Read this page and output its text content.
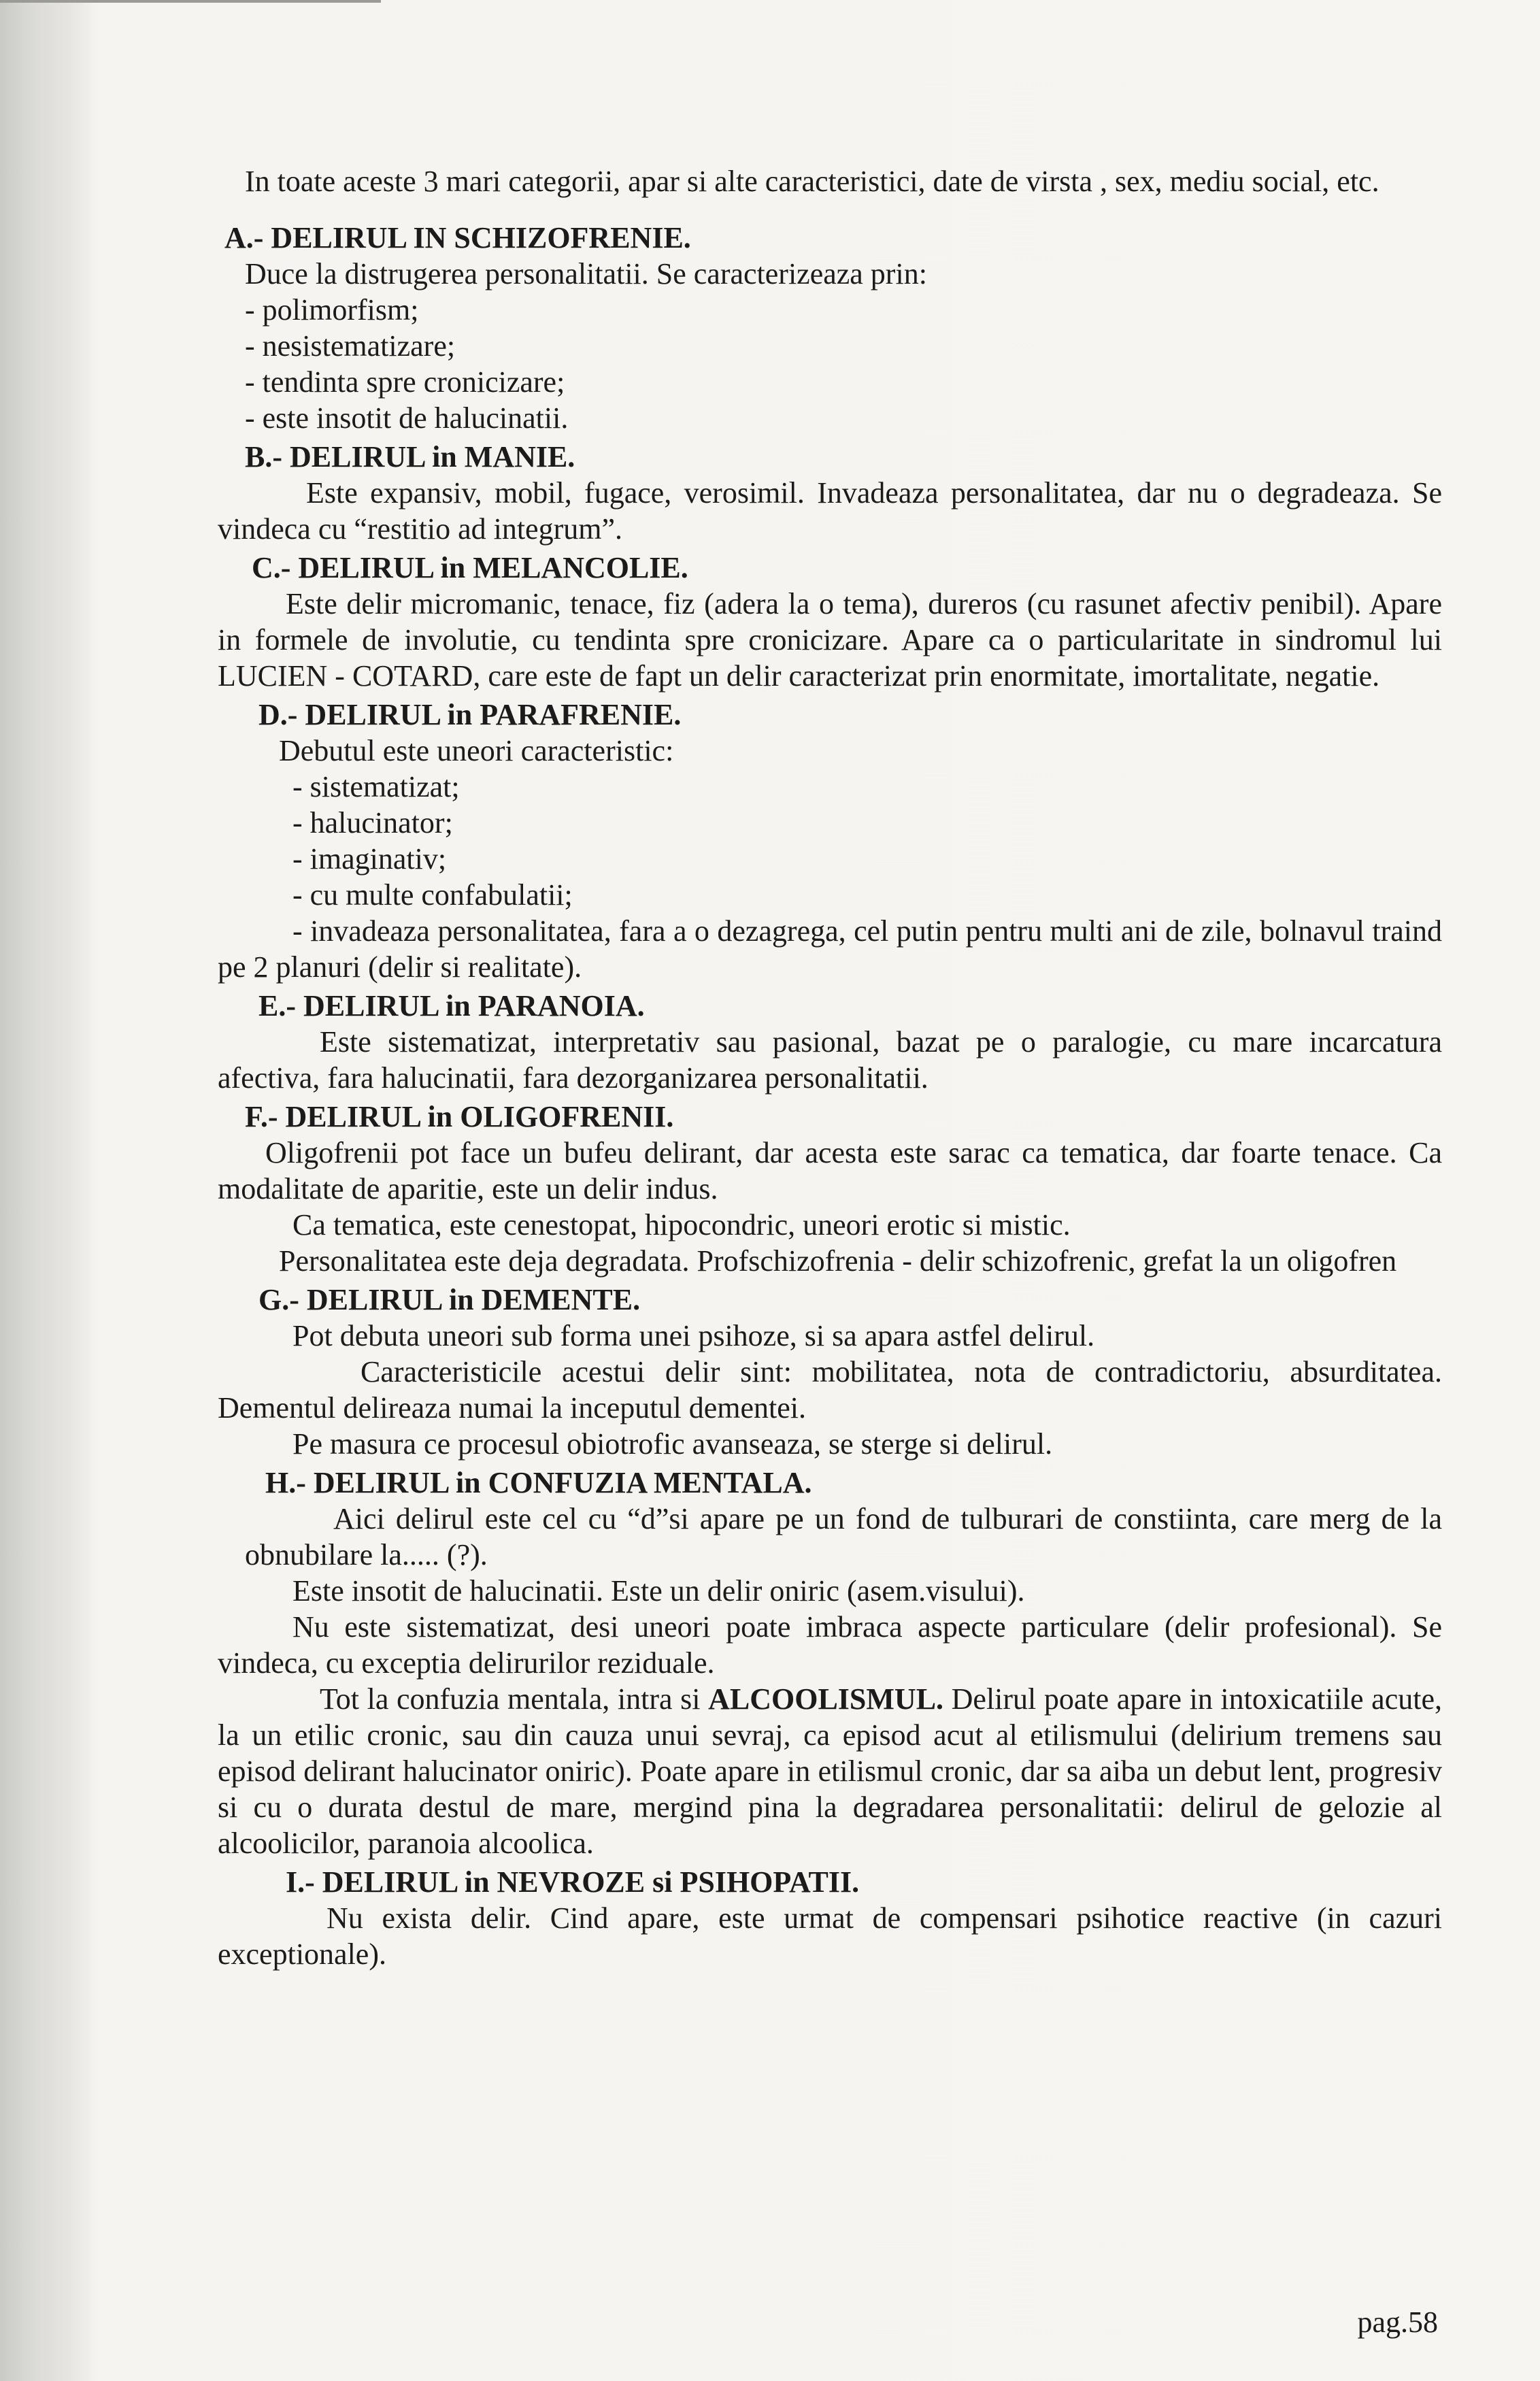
In toate aceste 3 mari categorii, apar si alte caracteristici, date de virsta , sex, mediu social, etc.

A.- DELIRUL IN SCHIZOFRENIE.

Duce la distrugerea personalitatii. Se caracterizeaza prin:

- polimorfism;

- nesistematizare;

- tendinta spre cronicizare;

- este insotit de halucinatii.

B.- DELIRUL in MANIE.

Este expansiv, mobil, fugace, verosimil. Invadeaza personalitatea, dar nu o degradeaza. Se vindeca cu “restitio ad integrum”.

C.- DELIRUL in MELANCOLIE.

Este delir micromanic, tenace, fiz (adera la o tema), dureros (cu rasunet afectiv penibil). Apare in formele de involutie, cu tendinta spre cronicizare. Apare ca o particularitate in sindromul lui LUCIEN - COTARD, care este de fapt un delir caracterizat prin enormitate, imortalitate, negatie.

D.- DELIRUL in PARAFRENIE.

Debutul este uneori caracteristic:

- sistematizat;

- halucinator;

- imaginativ;

- cu multe confabulatii;

- invadeaza personalitatea, fara a o dezagrega, cel putin pentru multi ani de zile, bolnavul traind pe 2 planuri (delir si realitate).

E.- DELIRUL in PARANOIA.

Este sistematizat, interpretativ sau pasional, bazat pe o paralogie, cu mare incarcatura afectiva, fara halucinatii, fara dezorganizarea personalitatii.

F.- DELIRUL in OLIGOFRENII.

Oligofrenii pot face un bufeu delirant, dar acesta este sarac ca tematica, dar foarte tenace. Ca modalitate de aparitie, este un delir indus.

Ca tematica, este cenestopat, hipocondric, uneori erotic si mistic.

Personalitatea este deja degradata. Profschizofrenia - delir schizofrenic, grefat la un oligofren

G.- DELIRUL in DEMENTE.

Pot debuta uneori sub forma unei psihoze, si sa apara astfel delirul.

Caracteristicile acestui delir sint: mobilitatea, nota de contradictoriu, absurditatea. Dementul delireaza numai la inceputul dementei.

Pe masura ce procesul obiotrofic avanseaza, se sterge si delirul.

H.- DELIRUL in CONFUZIA MENTALA.

Aici delirul este cel cu “d”si apare pe un fond de tulburari de constiinta, care merg de la obnubilare la..... (?).

Este insotit de halucinatii. Este un delir oniric (asem.visului).

Nu este sistematizat, desi uneori poate imbraca aspecte particulare (delir profesional). Se vindeca, cu exceptia delirurilor reziduale.

Tot la confuzia mentala, intra si ALCOOLISMUL. Delirul poate apare in intoxicatiile acute, la un etilic cronic, sau din cauza unui sevraj, ca episod acut al etilismului (delirium tremens sau episod delirant halucinator oniric). Poate apare in etilismul cronic, dar sa aiba un debut lent, progresiv si cu o durata destul de mare, mergind pina la degradarea personalitatii: delirul de gelozie al alcoolicilor, paranoia alcoolica.

I.- DELIRUL in NEVROZE si PSIHOPATII.

Nu exista delir. Cind apare, este urmat de compensari psihotice reactive (in cazuri exceptionale).

pag.58
